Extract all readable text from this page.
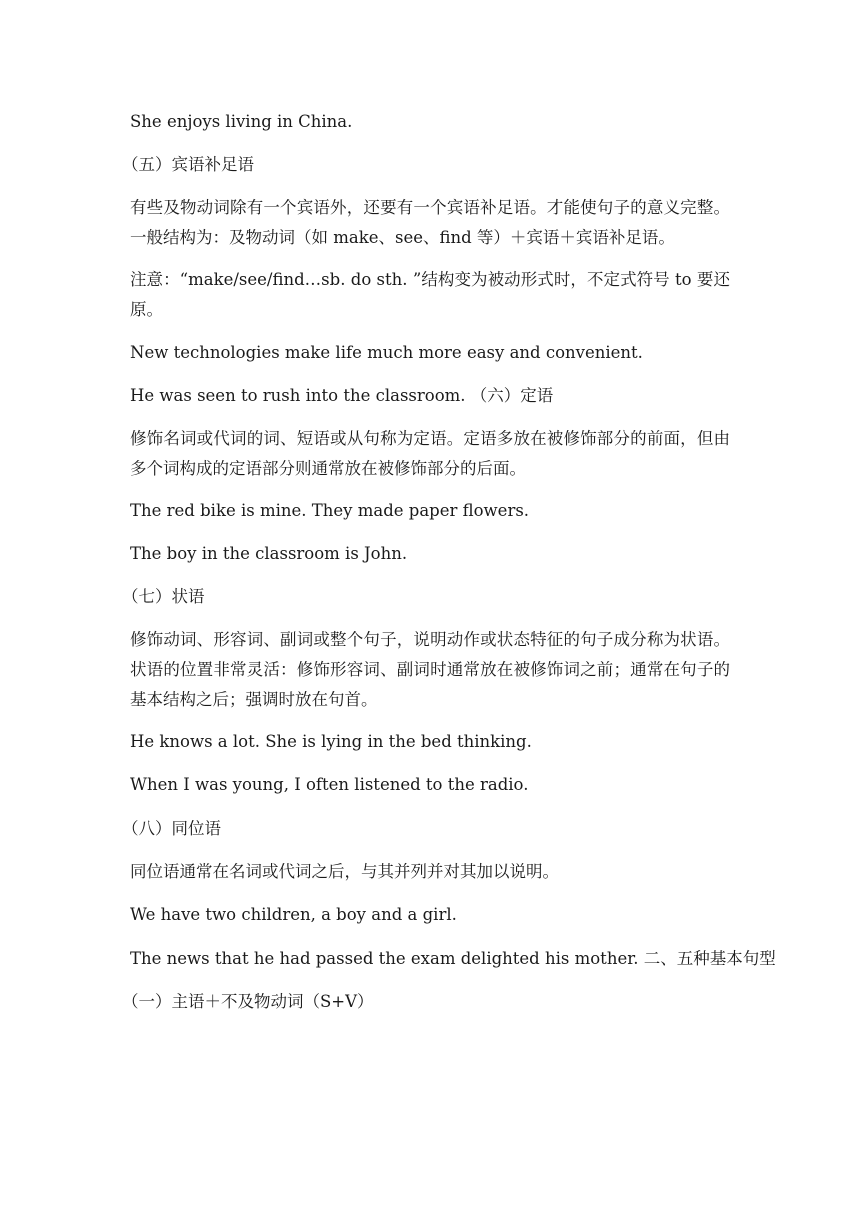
She enjoys living in China.
（五）宾语补足语
有些及物动词除有一个宾语外，还要有一个宾语补足语。才能使句子的意义完整。一般结构为：及物动词（如 make、see、find 等）＋宾语＋宾语补足语。
注意：“make/see/find…sb. do sth. ”结构变为被动形式时，不定式符号 to 要还原。
New technologies make life much more easy and convenient.
He was seen to rush into the classroom. （六）定语
修饰名词或代词的词、短语或从句称为定语。定语多放在被修饰部分的前面，但由多个词构成的定语部分则通常放在被修饰部分的后面。
The red bike is mine. They made paper flowers.
The boy in the classroom is John.
（七）状语
修饰动词、形容词、副词或整个句子，说明动作或状态特征的句子成分称为状语。状语的位置非常灵活：修饰形容词、副词时通常放在被修饰词之前；通常在句子的基本结构之后；强调时放在句首。
He knows a lot. She is lying in the bed thinking.
When I was young, I often listened to the radio.
（八）同位语
同位语通常在名词或代词之后，与其并列并对其加以说明。
We have two children, a boy and a girl.
The news that he had passed the exam delighted his mother. 二、五种基本句型
（一）主语＋不及物动词（S+V）
